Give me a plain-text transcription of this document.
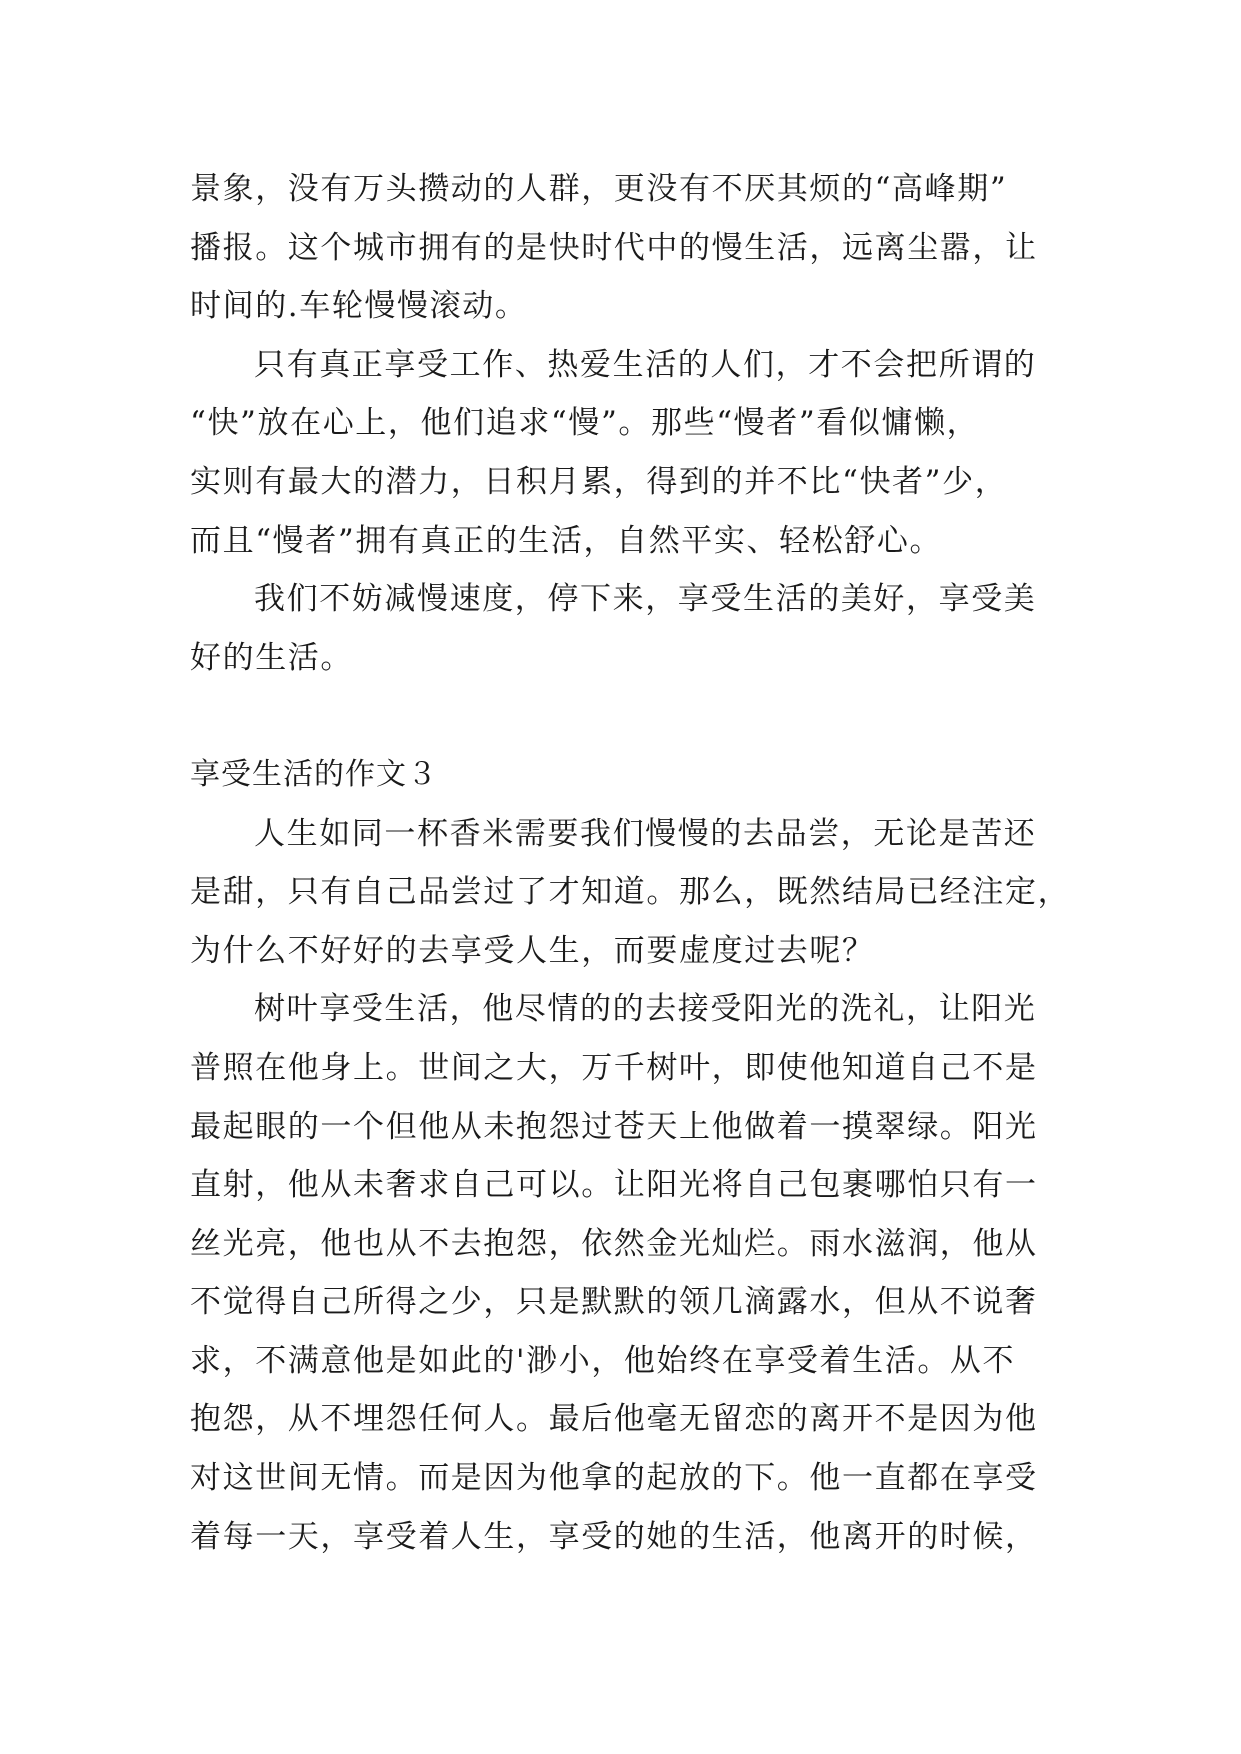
景象，没有万头攒动的人群，更没有不厌其烦的“高峰期”
播报。这个城市拥有的是快时代中的慢生活，远离尘嚣，让
时间的.车轮慢慢滚动。
只有真正享受工作、热爱生活的人们，才不会把所谓的
“快”放在心上，他们追求“慢”。那些“慢者”看似慵懒，
实则有最大的潜力，日积月累，得到的并不比“快者”少，
而且“慢者”拥有真正的生活，自然平实、轻松舒心。
我们不妨减慢速度，停下来，享受生活的美好，享受美
好的生活。
享受生活的作文３
人生如同一杯香米需要我们慢慢的去品尝，无论是苦还
是甜，只有自己品尝过了才知道。那么，既然结局已经注定，
为什么不好好的去享受人生，而要虚度过去呢？
树叶享受生活，他尽情的的去接受阳光的洗礼，让阳光
普照在他身上。世间之大，万千树叶，即使他知道自己不是
最起眼的一个但他从未抱怨过苍天上他做着一摸翠绿。阳光
直射，他从未奢求自己可以。让阳光将自己包裹哪怕只有一
丝光亮，他也从不去抱怨，依然金光灿烂。雨水滋润，他从
不觉得自己所得之少，只是默默的领几滴露水，但从不说奢
求，不满意他是如此的'渺小，他始终在享受着生活。从不
抱怨，从不埋怨任何人。最后他毫无留恋的离开不是因为他
对这世间无情。而是因为他拿的起放的下。他一直都在享受
着每一天，享受着人生，享受的她的生活，他离开的时候，
